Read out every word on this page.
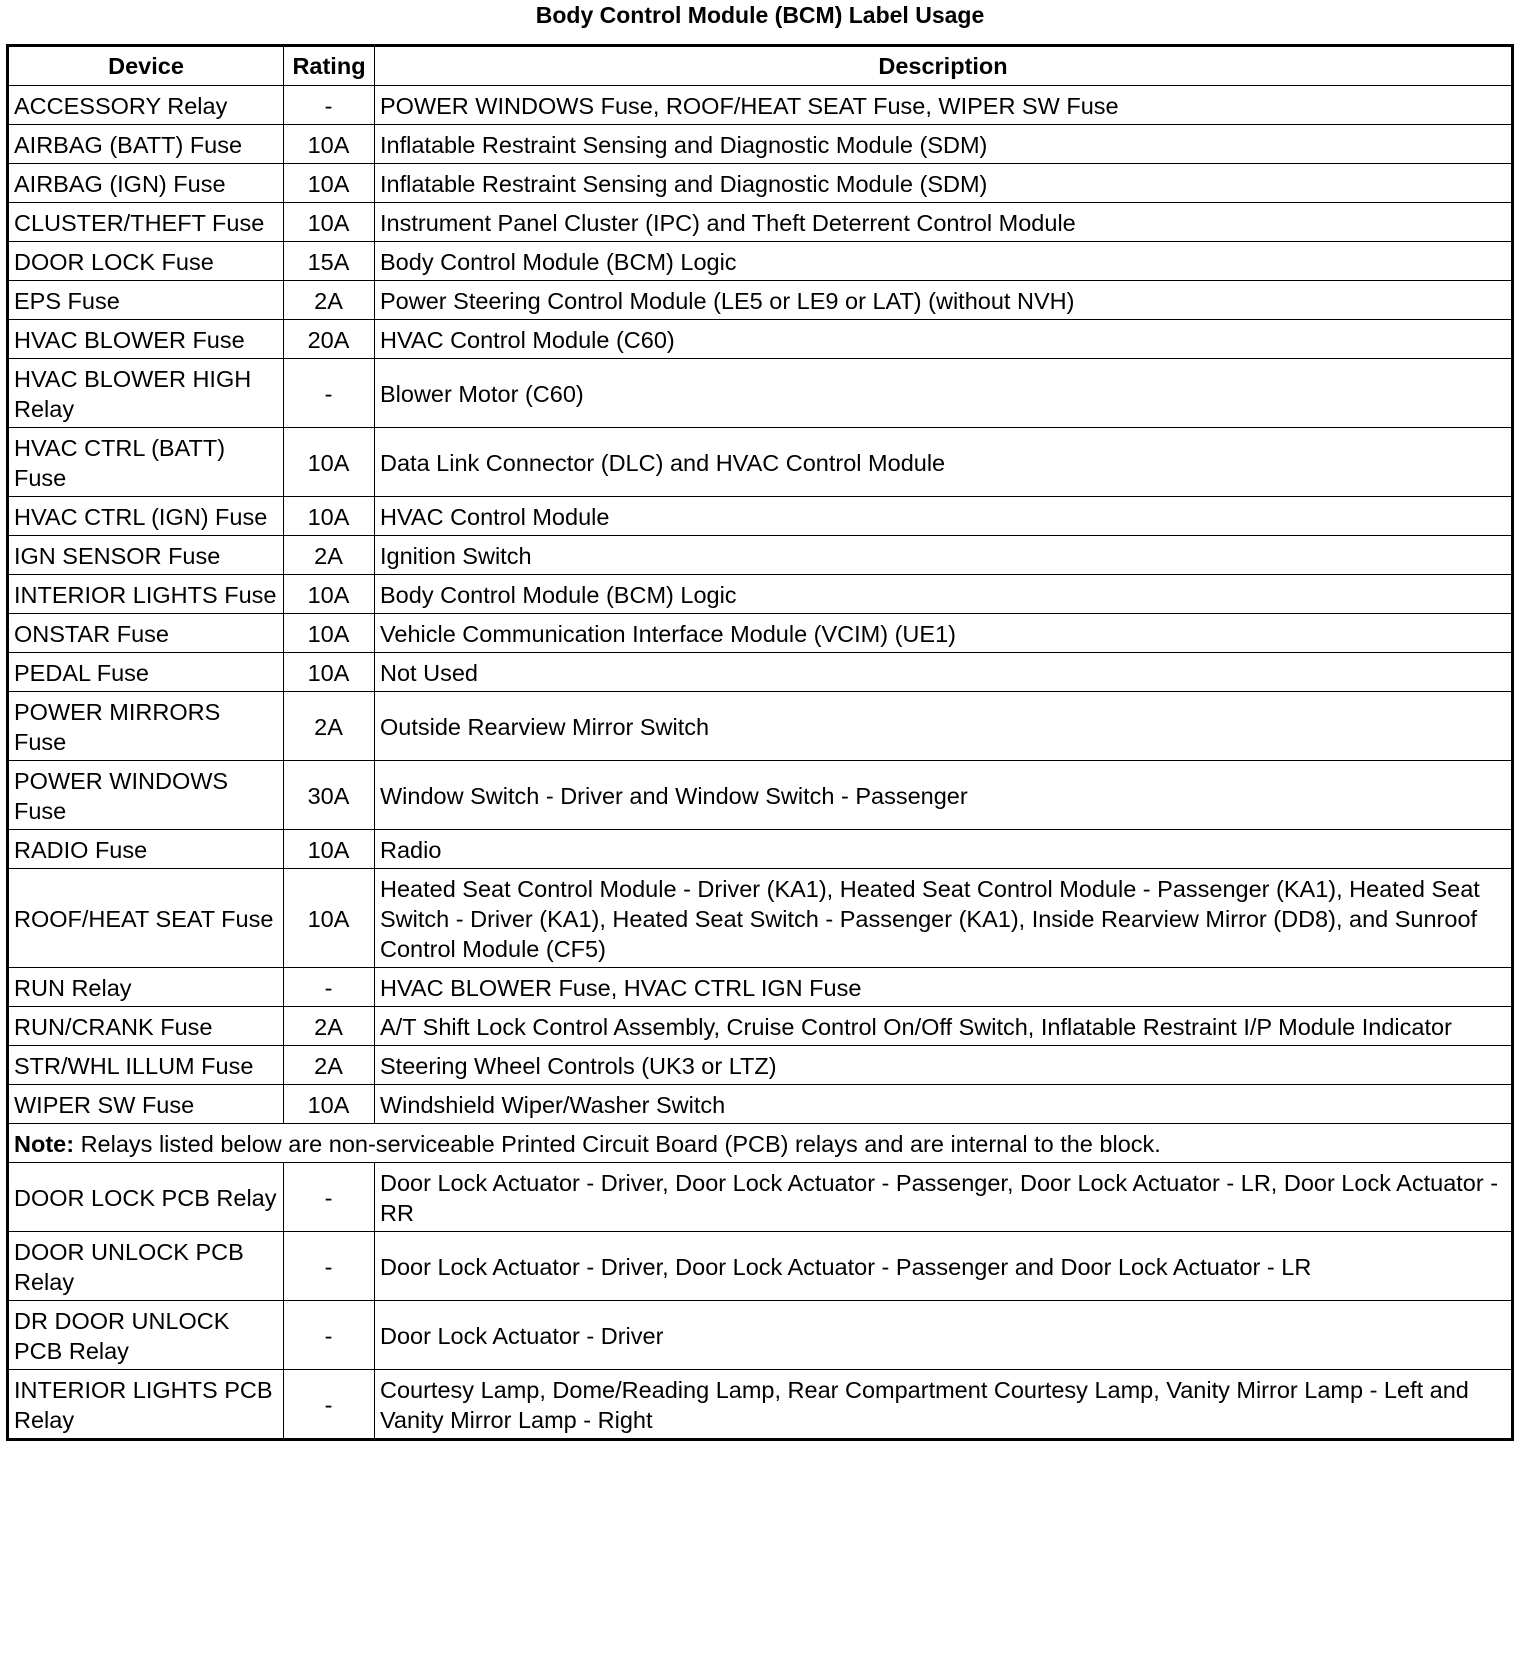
Body Control Module (BCM) Label Usage
Device	Rating	Description
ACCESSORY Relay	-	POWER WINDOWS Fuse, ROOF/HEAT SEAT Fuse, WIPER SW Fuse
AIRBAG (BATT) Fuse	10A	Inflatable Restraint Sensing and Diagnostic Module (SDM)
AIRBAG (IGN) Fuse	10A	Inflatable Restraint Sensing and Diagnostic Module (SDM)
CLUSTER/THEFT Fuse	10A	Instrument Panel Cluster (IPC) and Theft Deterrent Control Module
DOOR LOCK Fuse	15A	Body Control Module (BCM) Logic
EPS Fuse	2A	Power Steering Control Module (LE5 or LE9 or LAT) (without NVH)
HVAC BLOWER Fuse	20A	HVAC Control Module (C60)
HVAC BLOWER HIGH Relay	-	Blower Motor (C60)
HVAC CTRL (BATT) Fuse	10A	Data Link Connector (DLC) and HVAC Control Module
HVAC CTRL (IGN) Fuse	10A	HVAC Control Module
IGN SENSOR Fuse	2A	Ignition Switch
INTERIOR LIGHTS Fuse	10A	Body Control Module (BCM) Logic
ONSTAR Fuse	10A	Vehicle Communication Interface Module (VCIM) (UE1)
PEDAL Fuse	10A	Not Used
POWER MIRRORS Fuse	2A	Outside Rearview Mirror Switch
POWER WINDOWS Fuse	30A	Window Switch - Driver and Window Switch - Passenger
RADIO Fuse	10A	Radio
ROOF/HEAT SEAT Fuse	10A	Heated Seat Control Module - Driver (KA1), Heated Seat Control Module - Passenger (KA1), Heated Seat Switch - Driver (KA1), Heated Seat Switch - Passenger (KA1), Inside Rearview Mirror (DD8), and Sunroof Control Module (CF5)
RUN Relay	-	HVAC BLOWER Fuse, HVAC CTRL IGN Fuse
RUN/CRANK Fuse	2A	A/T Shift Lock Control Assembly, Cruise Control On/Off Switch, Inflatable Restraint I/P Module Indicator
STR/WHL ILLUM Fuse	2A	Steering Wheel Controls (UK3 or LTZ)
WIPER SW Fuse	10A	Windshield Wiper/Washer Switch
Note: Relays listed below are non-serviceable Printed Circuit Board (PCB) relays and are internal to the block.		
DOOR LOCK PCB Relay	-	Door Lock Actuator - Driver, Door Lock Actuator - Passenger, Door Lock Actuator - LR, Door Lock Actuator - RR
DOOR UNLOCK PCB Relay	-	Door Lock Actuator - Driver, Door Lock Actuator - Passenger and Door Lock Actuator - LR
DR DOOR UNLOCK PCB Relay	-	Door Lock Actuator - Driver
INTERIOR LIGHTS PCB Relay	-	Courtesy Lamp, Dome/Reading Lamp, Rear Compartment Courtesy Lamp, Vanity Mirror Lamp - Left and Vanity Mirror Lamp - Right
